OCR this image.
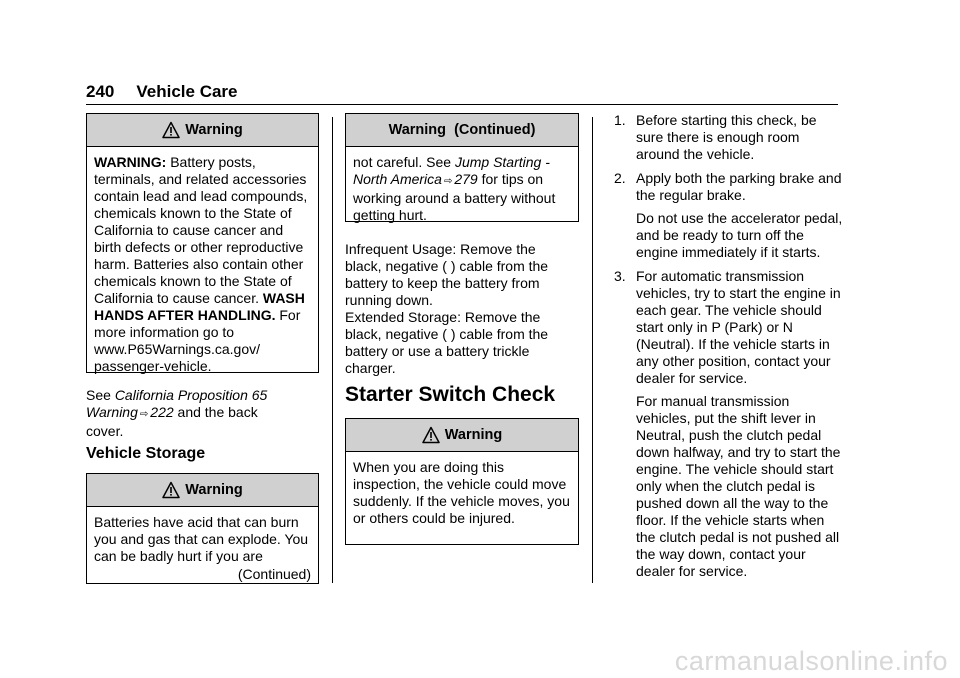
240 Vehicle Care
Warning

WARNING: Battery posts, terminals, and related accessories contain lead and lead compounds, chemicals known to the State of California to cause cancer and birth defects or other reproductive harm. Batteries also contain other chemicals known to the State of California to cause cancer. WASH HANDS AFTER HANDLING. For more information go to www.P65Warnings.ca.gov/ passenger-vehicle.

See California Proposition 65 Warning ⇨ 222 and the back cover.

Vehicle Storage
Warning

Batteries have acid that can burn you and gas that can explode. You can be badly hurt if you are

(Continued)
Warning  (Continued)

not careful. See Jump Starting - North America ⇨ 279 for tips on working around a battery without getting hurt.

Infrequent Usage: Remove the black, negative ( ) cable from the battery to keep the battery from running down.

Extended Storage: Remove the black, negative ( ) cable from the battery or use a battery trickle charger.

Starter Switch Check
Warning

When you are doing this inspection, the vehicle could move suddenly. If the vehicle moves, you or others could be injured.

1. Before starting this check, be sure there is enough room around the vehicle.

2. Apply both the parking brake and the regular brake.

Do not use the accelerator pedal, and be ready to turn off the engine immediately if it starts.

3. For automatic transmission vehicles, try to start the engine in each gear. The vehicle should start only in P (Park) or N (Neutral). If the vehicle starts in any other position, contact your dealer for service.

For manual transmission vehicles, put the shift lever in Neutral, push the clutch pedal down halfway, and try to start the engine. The vehicle should start only when the clutch pedal is pushed down all the way to the floor. If the vehicle starts when the clutch pedal is not pushed all the way down, contact your dealer for service.

carmanualsonline.info
